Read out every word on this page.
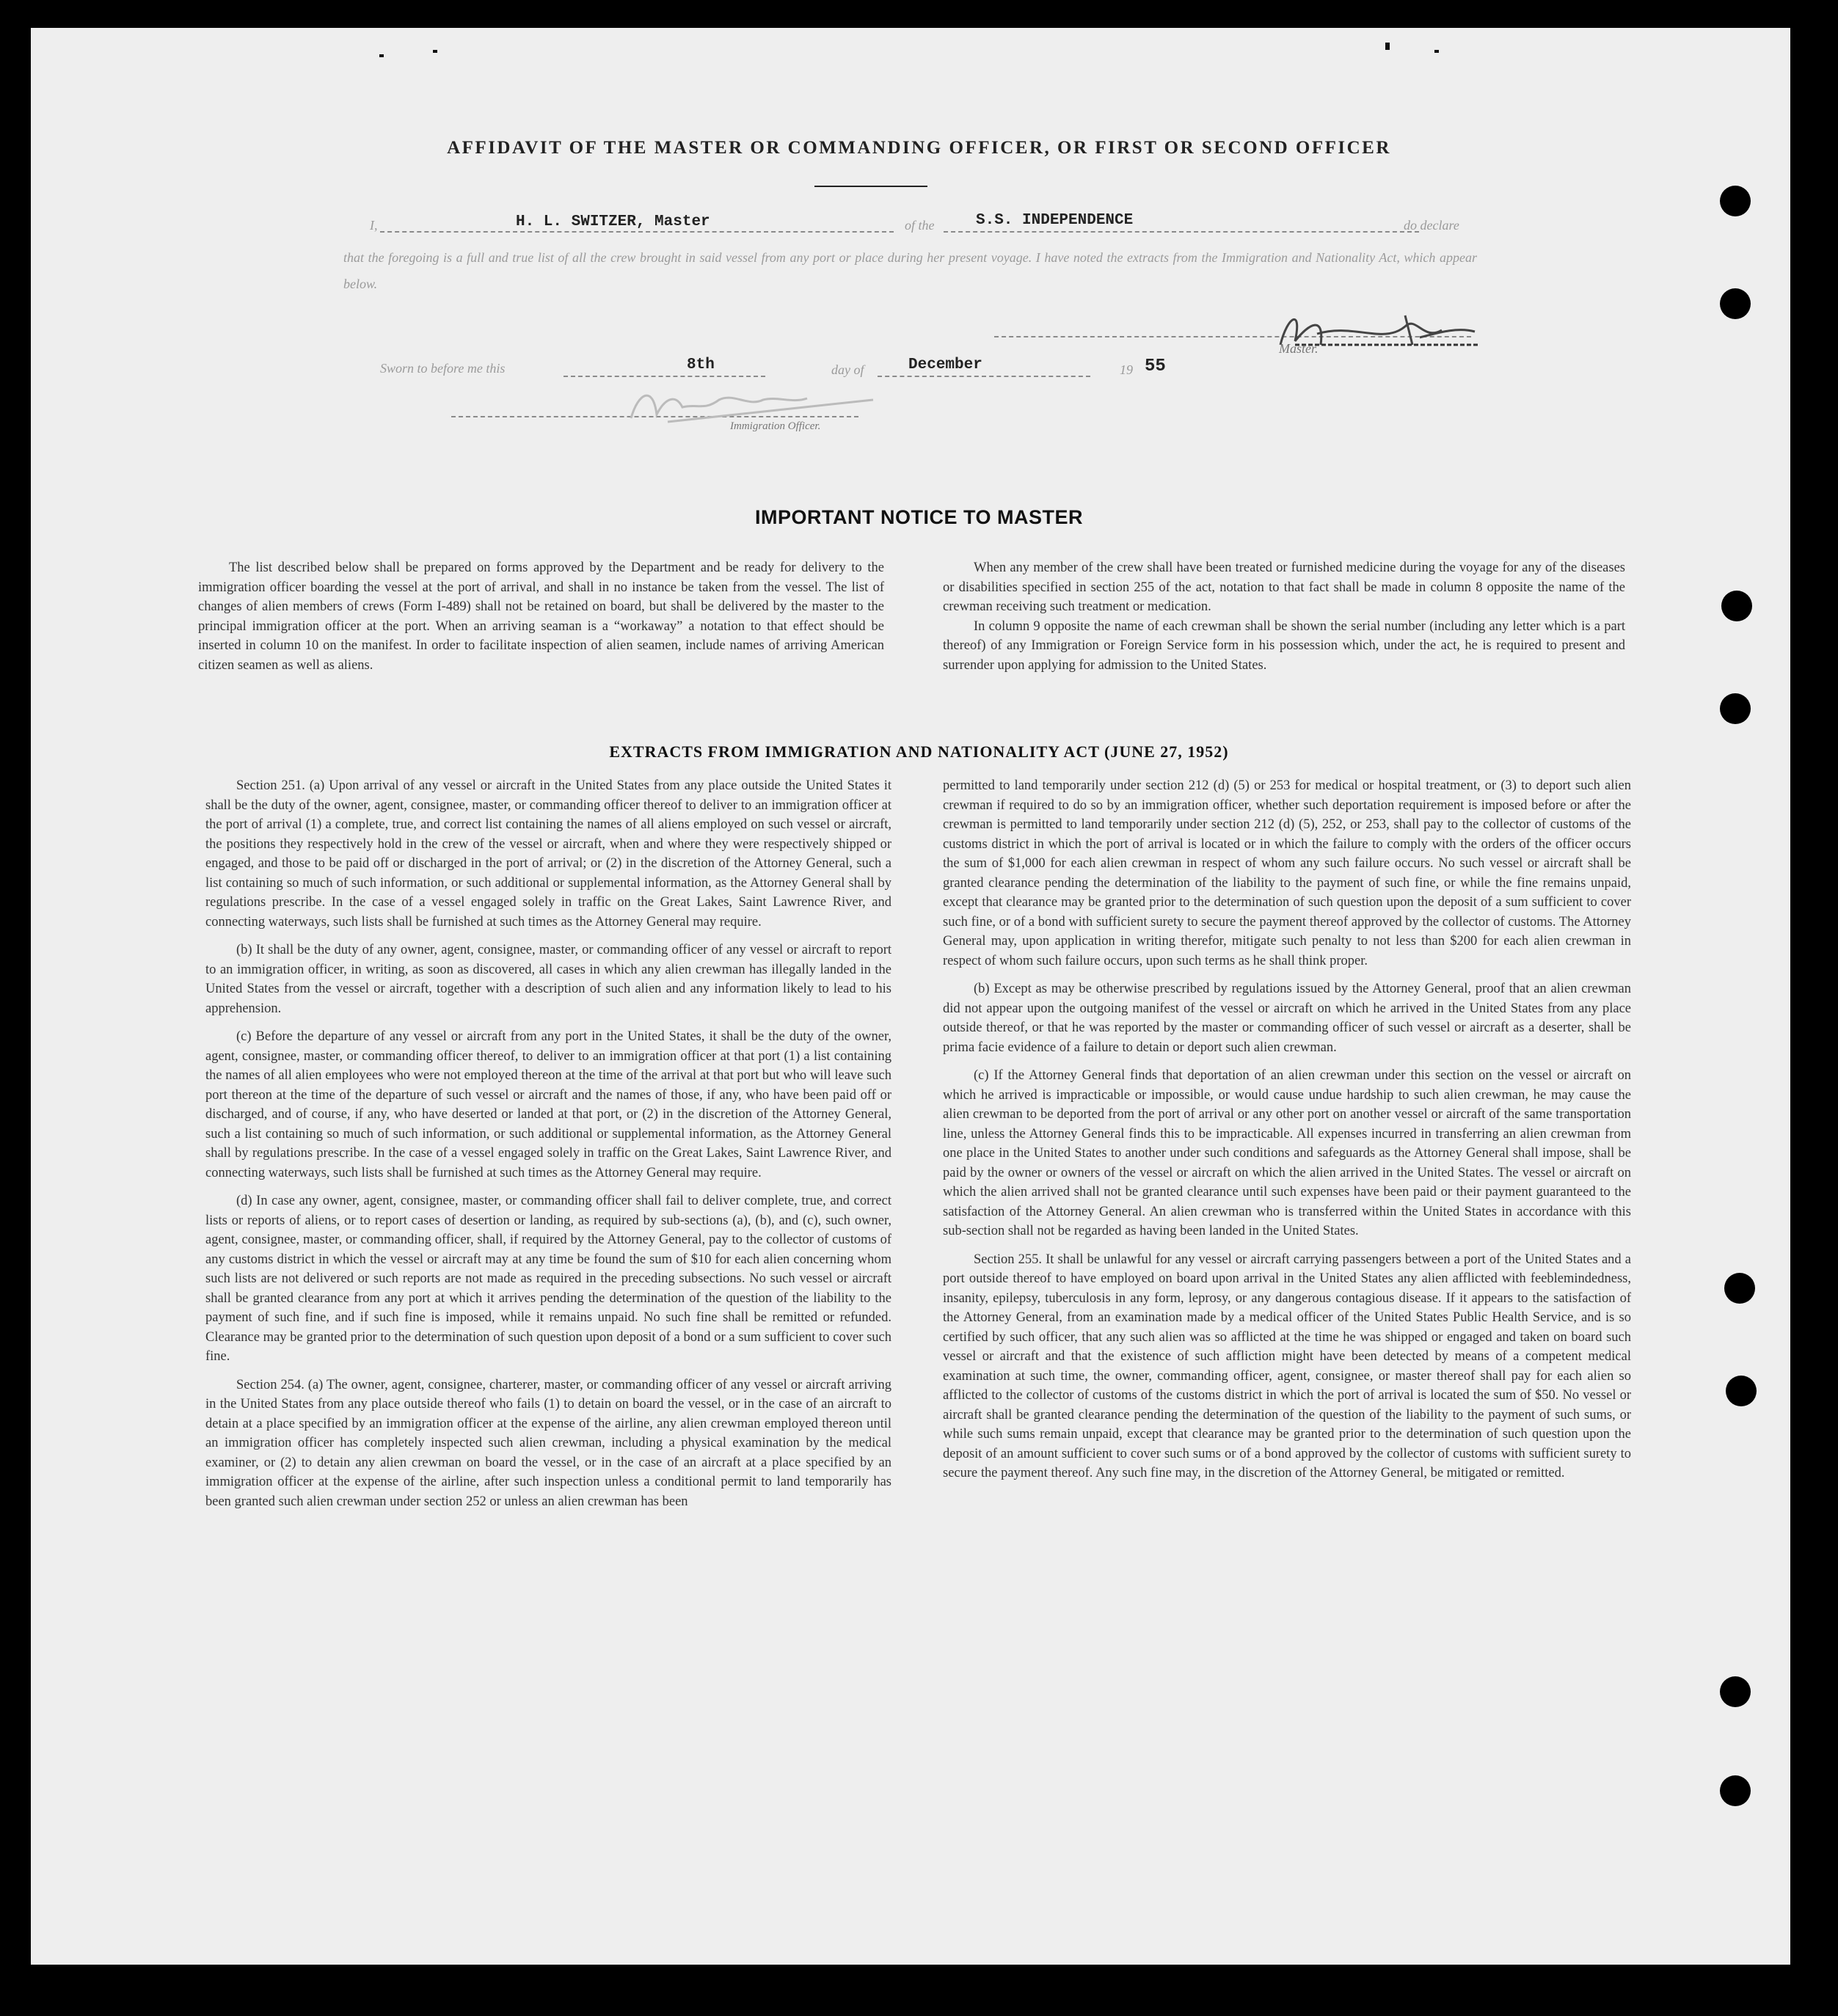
AFFIDAVIT OF THE MASTER OR COMMANDING OFFICER, OR FIRST OR SECOND OFFICER
I,	H. L. SWITZER, Master	of the	S.S. INDEPENDENCE	do declare
that the foregoing is a full and true list of all the crew brought in said vessel from any port or place during her present voyage. I have noted the extracts from the Immigration and Nationality Act, which appear below.
Master.
Sworn to before me this	8th	day of	December	19 55
Immigration Officer.
IMPORTANT NOTICE TO MASTER

The list described below shall be prepared on forms approved by the Department and be ready for delivery to the immigration officer boarding the vessel at the port of arrival, and shall in no instance be taken from the vessel. The list of changes of alien members of crews (Form I-489) shall not be retained on board, but shall be delivered by the master to the principal immigration officer at the port. When an arriving seaman is a “workaway” a notation to that effect should be inserted in column 10 on the manifest. In order to facilitate inspection of alien seamen, include names of arriving American citizen seamen as well as aliens.

When any member of the crew shall have been treated or furnished medicine during the voyage for any of the diseases or disabilities specified in section 255 of the act, notation to that fact shall be made in column 8 opposite the name of the crewman receiving such treatment or medication.

In column 9 opposite the name of each crewman shall be shown the serial number (including any letter which is a part thereof) of any Immigration or Foreign Service form in his possession which, under the act, he is required to present and surrender upon applying for admission to the United States.

EXTRACTS FROM IMMIGRATION AND NATIONALITY ACT (JUNE 27, 1952)

Section 251. (a) Upon arrival of any vessel or aircraft in the United States from any place outside the United States it shall be the duty of the owner, agent, consignee, master, or commanding officer thereof to deliver to an immigration officer at the port of arrival (1) a complete, true, and correct list containing the names of all aliens employed on such vessel or aircraft, the positions they respectively hold in the crew of the vessel or aircraft, when and where they were respectively shipped or engaged, and those to be paid off or discharged in the port of arrival; or (2) in the discretion of the Attorney General, such a list containing so much of such information, or such additional or supplemental information, as the Attorney General shall by regulations prescribe. In the case of a vessel engaged solely in traffic on the Great Lakes, Saint Lawrence River, and connecting waterways, such lists shall be furnished at such times as the Attorney General may require.

(b) It shall be the duty of any owner, agent, consignee, master, or commanding officer of any vessel or aircraft to report to an immigration officer, in writing, as soon as discovered, all cases in which any alien crewman has illegally landed in the United States from the vessel or aircraft, together with a description of such alien and any information likely to lead to his apprehension.

(c) Before the departure of any vessel or aircraft from any port in the United States, it shall be the duty of the owner, agent, consignee, master, or commanding officer thereof, to deliver to an immigration officer at that port (1) a list containing the names of all alien employees who were not employed thereon at the time of the arrival at that port but who will leave such port thereon at the time of the departure of such vessel or aircraft and the names of those, if any, who have been paid off or discharged, and of course, if any, who have deserted or landed at that port, or (2) in the discretion of the Attorney General, such a list containing so much of such information, or such additional or supplemental information, as the Attorney General shall by regulations prescribe. In the case of a vessel engaged solely in traffic on the Great Lakes, Saint Lawrence River, and connecting waterways, such lists shall be furnished at such times as the Attorney General may require.

(d) In case any owner, agent, consignee, master, or commanding officer shall fail to deliver complete, true, and correct lists or reports of aliens, or to report cases of desertion or landing, as required by sub-sections (a), (b), and (c), such owner, agent, consignee, master, or commanding officer, shall, if required by the Attorney General, pay to the collector of customs of any customs district in which the vessel or aircraft may at any time be found the sum of $10 for each alien concerning whom such lists are not delivered or such reports are not made as required in the preceding subsections. No such vessel or aircraft shall be granted clearance from any port at which it arrives pending the determination of the question of the liability to the payment of such fine, and if such fine is imposed, while it remains unpaid. No such fine shall be remitted or refunded. Clearance may be granted prior to the determination of such question upon deposit of a bond or a sum sufficient to cover such fine.

Section 254. (a) The owner, agent, consignee, charterer, master, or commanding officer of any vessel or aircraft arriving in the United States from any place outside thereof who fails (1) to detain on board the vessel, or in the case of an aircraft to detain at a place specified by an immigration officer at the expense of the airline, any alien crewman employed thereon until an immigration officer has completely inspected such alien crewman, including a physical examination by the medical examiner, or (2) to detain any alien crewman on board the vessel, or in the case of an aircraft at a place specified by an immigration officer at the expense of the airline, after such inspection unless a conditional permit to land temporarily has been granted such alien crewman under section 252 or unless an alien crewman has been

permitted to land temporarily under section 212 (d) (5) or 253 for medical or hospital treatment, or (3) to deport such alien crewman if required to do so by an immigration officer, whether such deportation requirement is imposed before or after the crewman is permitted to land temporarily under section 212 (d) (5), 252, or 253, shall pay to the collector of customs of the customs district in which the port of arrival is located or in which the failure to comply with the orders of the officer occurs the sum of $1,000 for each alien crewman in respect of whom any such failure occurs. No such vessel or aircraft shall be granted clearance pending the determination of the liability to the payment of such fine, or while the fine remains unpaid, except that clearance may be granted prior to the determination of such question upon the deposit of a sum sufficient to cover such fine, or of a bond with sufficient surety to secure the payment thereof approved by the collector of customs. The Attorney General may, upon application in writing therefor, mitigate such penalty to not less than $200 for each alien crewman in respect of whom such failure occurs, upon such terms as he shall think proper.

(b) Except as may be otherwise prescribed by regulations issued by the Attorney General, proof that an alien crewman did not appear upon the outgoing manifest of the vessel or aircraft on which he arrived in the United States from any place outside thereof, or that he was reported by the master or commanding officer of such vessel or aircraft as a deserter, shall be prima facie evidence of a failure to detain or deport such alien crewman.

(c) If the Attorney General finds that deportation of an alien crewman under this section on the vessel or aircraft on which he arrived is impracticable or impossible, or would cause undue hardship to such alien crewman, he may cause the alien crewman to be deported from the port of arrival or any other port on another vessel or aircraft of the same transportation line, unless the Attorney General finds this to be impracticable. All expenses incurred in transferring an alien crewman from one place in the United States to another under such conditions and safeguards as the Attorney General shall impose, shall be paid by the owner or owners of the vessel or aircraft on which the alien arrived in the United States. The vessel or aircraft on which the alien arrived shall not be granted clearance until such expenses have been paid or their payment guaranteed to the satisfaction of the Attorney General. An alien crewman who is transferred within the United States in accordance with this sub-section shall not be regarded as having been landed in the United States.

Section 255. It shall be unlawful for any vessel or aircraft carrying passengers between a port of the United States and a port outside thereof to have employed on board upon arrival in the United States any alien afflicted with feeblemindedness, insanity, epilepsy, tuberculosis in any form, leprosy, or any dangerous contagious disease. If it appears to the satisfaction of the Attorney General, from an examination made by a medical officer of the United States Public Health Service, and is so certified by such officer, that any such alien was so afflicted at the time he was shipped or engaged and taken on board such vessel or aircraft and that the existence of such affliction might have been detected by means of a competent medical examination at such time, the owner, commanding officer, agent, consignee, or master thereof shall pay for each alien so afflicted to the collector of customs of the customs district in which the port of arrival is located the sum of $50. No vessel or aircraft shall be granted clearance pending the determination of the question of the liability to the payment of such sums, or while such sums remain unpaid, except that clearance may be granted prior to the determination of such question upon the deposit of an amount sufficient to cover such sums or of a bond approved by the collector of customs with sufficient surety to secure the payment thereof. Any such fine may, in the discretion of the Attorney General, be mitigated or remitted.
